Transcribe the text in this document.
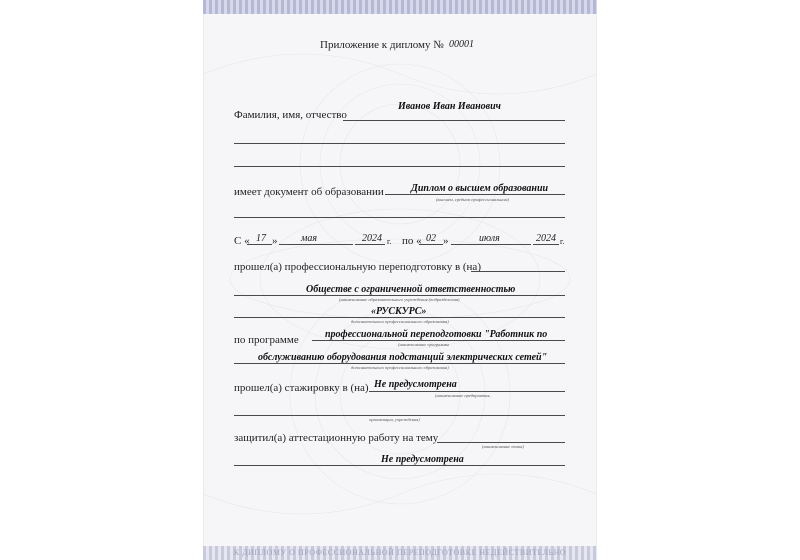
Приложение к диплому № 00001
Иванов Иван Иванович
Фамилия, имя, отчество
имеет документ об образовании	Диплом о высшем образовании
(высшем, среднем профессиональном)
С « 17 » мая	2024 г. по « 02 »	июля	2024 г.
прошел(а) профессиональную переподготовку в (на)
Обществе с ограниченной ответственностью
(наименование образовательного учреждения (подразделения)
«РУСКУРС»
дополнительного профессионального образования)
по программе	профессиональной переподготовки "Работник по
(наименование программы
обслуживанию оборудования подстанций электрических сетей"
дополнительного профессионального образования)
прошел(а) стажировку в (на) Не предусмотрена
(наименование предприятия,
организации, учреждения)
защитил(а) аттестационную работу на тему
(наименование темы)
Не предусмотрена
К ДИПЛОМУ О ПРОФЕССИОНАЛЬНОЙ ПЕРЕПОДГОТОВКЕ НЕДЕЙСТВИТЕЛЬНО
